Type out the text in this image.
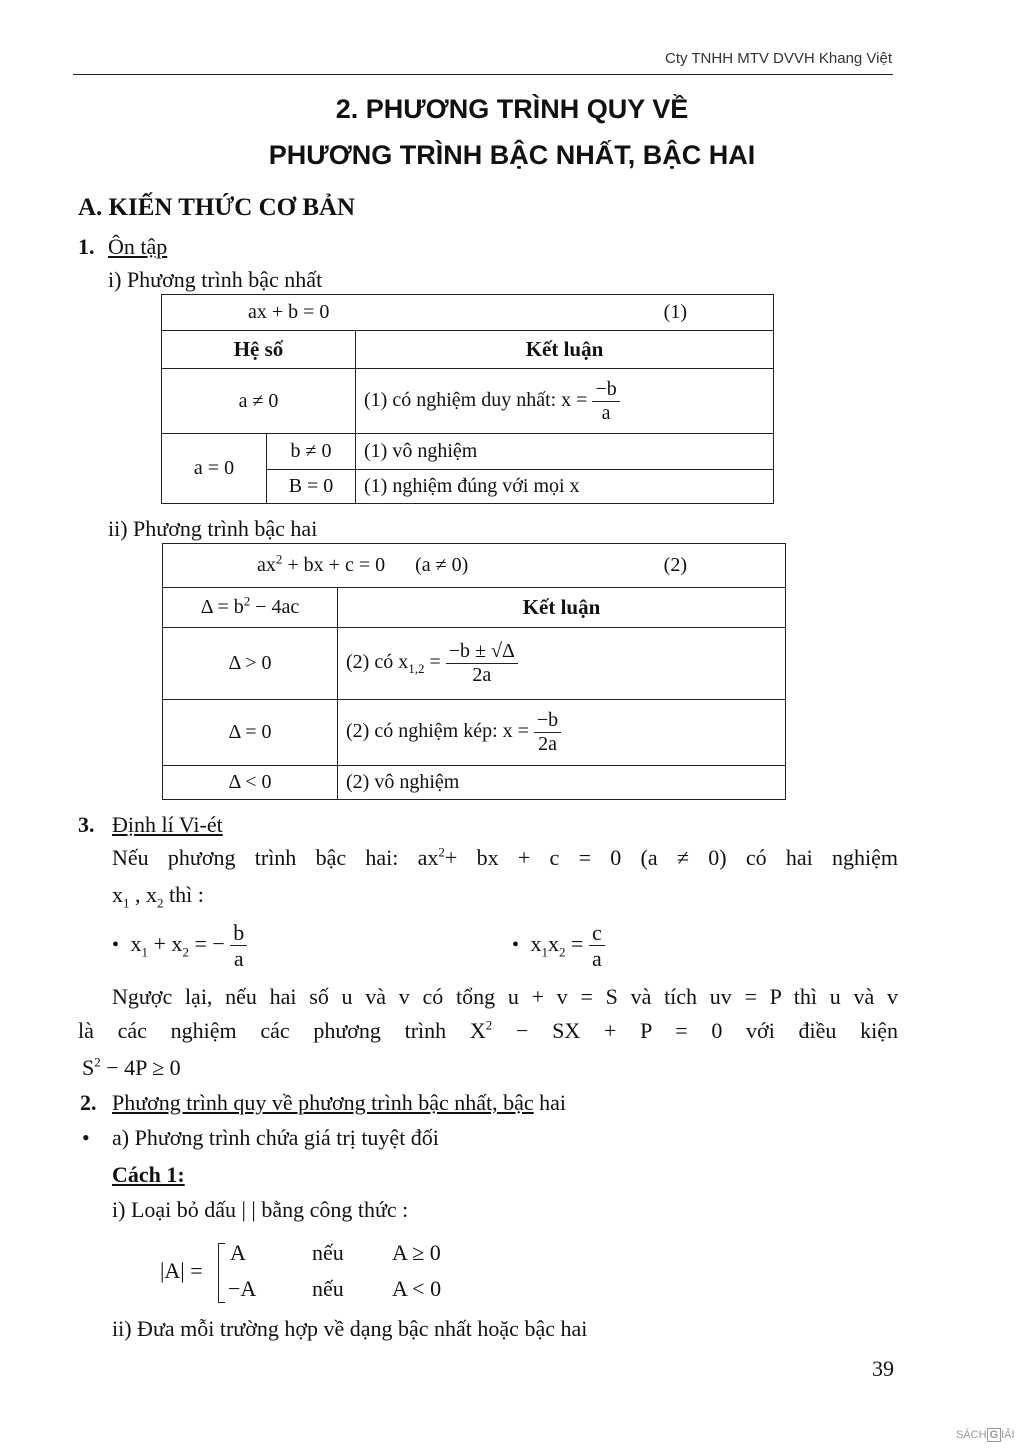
Cty TNHH MTV DVVH Khang Việt
2. PHƯƠNG TRÌNH QUY VỀ
PHƯƠNG TRÌNH BẬC NHẤT, BẬC HAI
A. KIẾN THỨC CƠ BẢN
1. Ôn tập
i) Phương trình bậc nhất
ax + b = 0 (1)		

Hệ số		Kết luận
a ≠ 0		(1) có nghiệm duy nhất: $x = \frac{-b}{a}$

a = 0	b ≠ 0	(1) vô nghiệm
	B = 0	(1) nghiệm đúng với mọi x
ii) Phương trình bậc hai
$ax^2$ + bx + c = 0      (a ≠ 0) (2)	

$\Delta = b^2 - 4ac$	Kết luận
Δ > 0	(2) có $x_{1,2} = \frac{-b \pm √\Delta}{2a}$

Δ = 0	(2) có nghiệm kép: $x = \frac{-b}{2a}$

Δ < 0	(2) vô nghiệm
3. Định lí Vi-ét
Nếu phương trình bậc hai: $ax^2+$ bx + c = 0 (a ≠ 0) có hai nghiệm
$x_1$ , $x_2$ thì :
• $x_1 + x_2$ = − $\frac{b}{a}$	• $x_1x_2 = \frac{c}{a}$
Ngược lại, nếu hai số u và v có tổng u + v = S và tích uv = P thì u và v
là các nghiệm các phương trình $X^2$ − SX + P = 0 với điều kiện
$S^2 - 4P \ge 0$
2. Phương trình quy về phương trình bậc nhất, bậc hai
• a) Phương trình chứa giá trị tuyệt đối
Cách 1:
i) Loại bỏ dấu | | bằng công thức :
|A| =
A	nếu A ≥ 0
−A	nếu A < 0
ii) Đưa mỗi trường hợp về dạng bậc nhất hoặc bậc hai
39
SÁCH G IẢI
